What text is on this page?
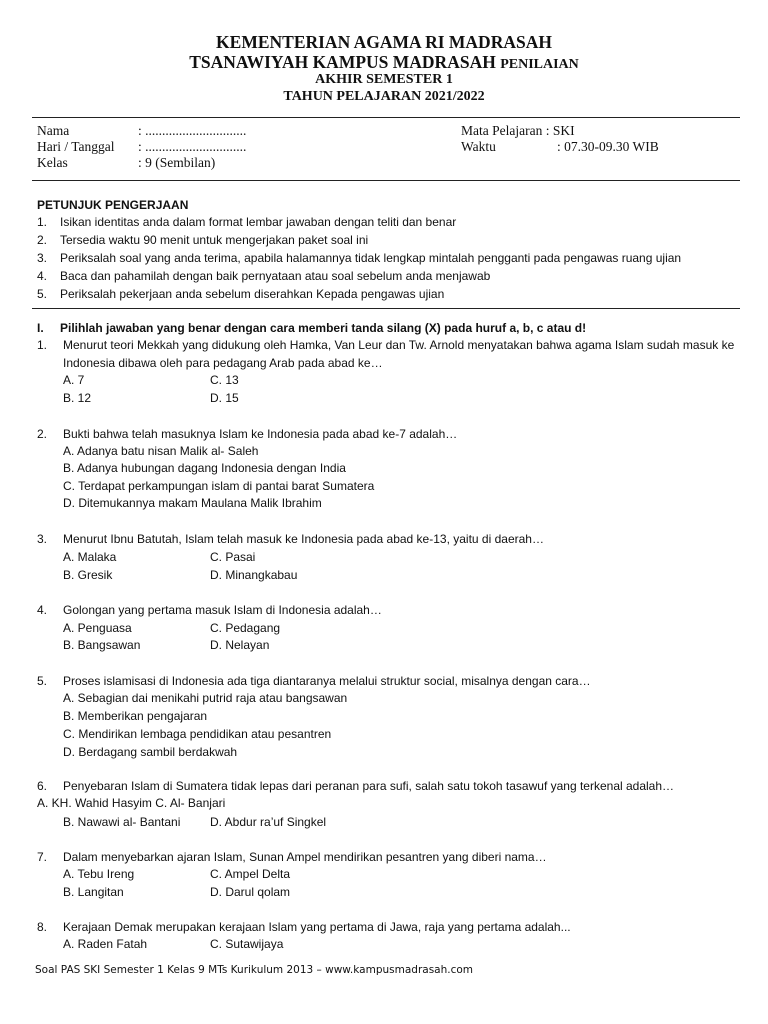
KEMENTERIAN AGAMA RI MADRASAH
TSANAWIYAH KAMPUS MADRASAH PENILAIAN
AKHIR SEMESTER 1
TAHUN PELAJARAN 2021/2022
Nama	: ..............................
Hari / Tanggal : ..............................
Kelas	: 9 (Sembilan)
Mata Pelajaran : SKI
Waktu	: 07.30-09.30 WIB
PETUNJUK PENGERJAAN
1. Isikan identitas anda dalam format lembar jawaban dengan teliti dan benar
2. Tersedia waktu 90 menit untuk mengerjakan paket soal ini
3. Periksalah soal yang anda terima, apabila halamannya tidak lengkap mintalah pengganti pada pengawas ruang ujian
4. Baca dan pahamilah dengan baik pernyataan atau soal sebelum anda menjawab
5. Periksalah pekerjaan anda sebelum diserahkan Kepada pengawas ujian
I. Pilihlah jawaban yang benar dengan cara memberi tanda silang (X) pada huruf a, b, c atau d!
1. Menurut teori Mekkah yang didukung oleh Hamka, Van Leur dan Tw. Arnold menyatakan bahwa agama Islam sudah masuk ke
Indonesia dibawa oleh para pedagang Arab pada abad ke…
A. 7	C. 13
B. 12	D. 15
2. Bukti bahwa telah masuknya Islam ke Indonesia pada abad ke-7 adalah…
A. Adanya batu nisan Malik al- Saleh
B. Adanya hubungan dagang Indonesia dengan India
C. Terdapat perkampungan islam di pantai barat Sumatera
D. Ditemukannya makam Maulana Malik Ibrahim
3. Menurut Ibnu Batutah, Islam telah masuk ke Indonesia pada abad ke-13, yaitu di daerah…
A. Malaka	C. Pasai
B. Gresik	D. Minangkabau
4. Golongan yang pertama masuk Islam di Indonesia adalah…
A. Penguasa	C. Pedagang
B. Bangsawan	D. Nelayan
5. Proses islamisasi di Indonesia ada tiga diantaranya melalui struktur social, misalnya dengan cara…
A. Sebagian dai menikahi putrid raja atau bangsawan
B. Memberikan pengajaran
C. Mendirikan lembaga pendidikan atau pesantren
D. Berdagang sambil berdakwah
6. Penyebaran Islam di Sumatera tidak lepas dari peranan para sufi, salah satu tokoh tasawuf yang terkenal adalah…
A. KH. Wahid Hasyim C. Al- Banjari
B. Nawawi al- Bantani D. Abdur ra’uf Singkel
7. Dalam menyebarkan ajaran Islam, Sunan Ampel mendirikan pesantren yang diberi nama…
A. Tebu Ireng	C. Ampel Delta
B. Langitan	D. Darul qolam
8. Kerajaan Demak merupakan kerajaan Islam yang pertama di Jawa, raja yang pertama adalah...
A. Raden Fatah	C. Sutawijaya
Soal PAS SKI Semester 1 Kelas 9 MTs Kurikulum 2013 – www.kampusmadrasah.com
